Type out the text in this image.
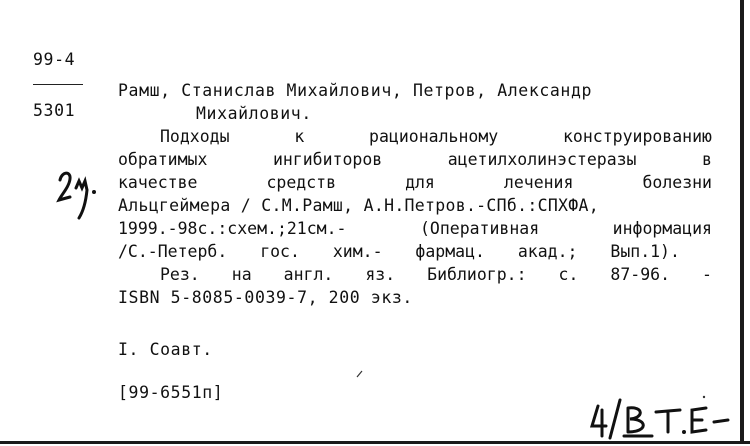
99-4
5301
Рамш, Станислав Михайлович, Петров, Александр
Михайлович.
Подходы	к	рациональному	конструированию
обратимых	ингибиторов	ацетилхолинэстеразы	в
качестве	средств	для	лечения	болезни
Альцгеймера / С.М.Рамш, А.Н.Петров.-СПб.:СПХФА,
1999.-98с.:схем.;21см.-	(Оперативная	информация
/С.-Петерб. гос. хим.- фармац. акад.; Вып.1).
Рез. на англ. яз. Библиогр.: с. 87-96. -
ISBN 5-8085-0039-7, 200 экз.
I. Соавт.
[99-6551п]
